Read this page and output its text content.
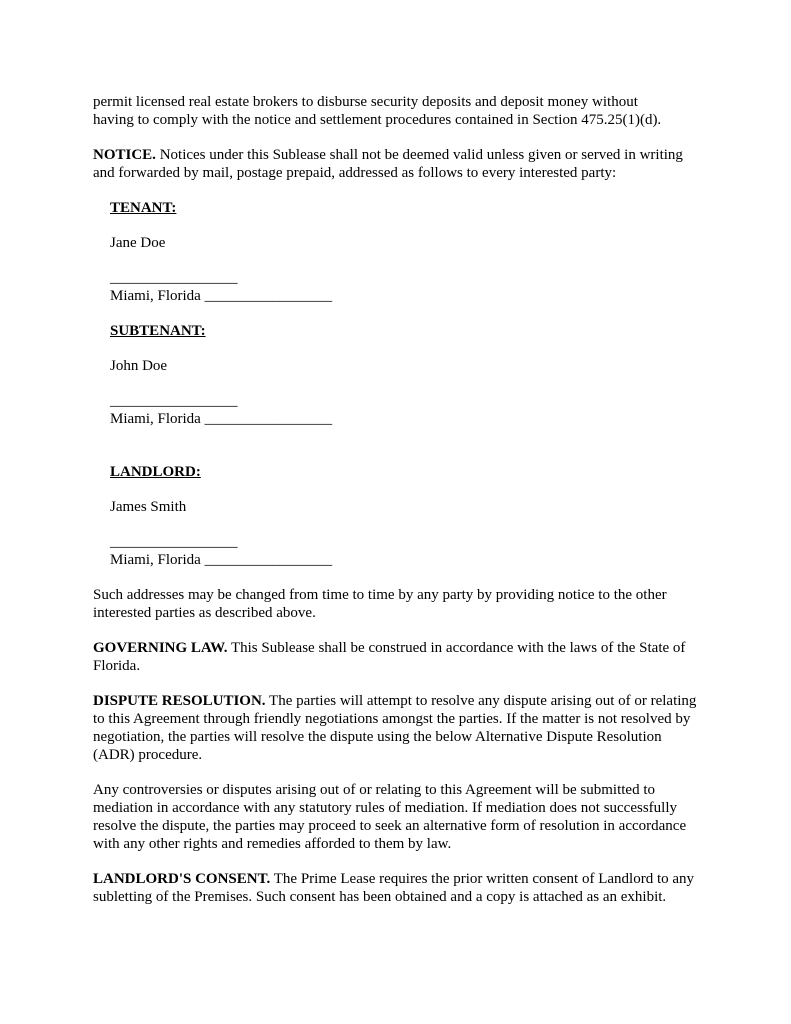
permit licensed real estate brokers to disburse security deposits and deposit money without

having to comply with the notice and settlement procedures contained in Section 475.25(1)(d).

NOTICE. Notices under this Sublease shall not be deemed valid unless given or served in writing and forwarded by mail, postage prepaid, addressed as follows to every interested party:

TENANT:

Jane Doe

_________________

Miami, Florida _________________

SUBTENANT:

John Doe

_________________

Miami, Florida _________________

LANDLORD:

James Smith

_________________

Miami, Florida _________________

Such addresses may be changed from time to time by any party by providing notice to the other interested parties as described above.

GOVERNING LAW. This Sublease shall be construed in accordance with the laws of the State of Florida.

DISPUTE RESOLUTION. The parties will attempt to resolve any dispute arising out of or relating to this Agreement through friendly negotiations amongst the parties. If the matter is not resolved by negotiation, the parties will resolve the dispute using the below Alternative Dispute Resolution (ADR) procedure.

Any controversies or disputes arising out of or relating to this Agreement will be submitted to mediation in accordance with any statutory rules of mediation. If mediation does not successfully resolve the dispute, the parties may proceed to seek an alternative form of resolution in accordance with any other rights and remedies afforded to them by law.

LANDLORD'S CONSENT. The Prime Lease requires the prior written consent of Landlord to any subletting of the Premises. Such consent has been obtained and a copy is attached as an exhibit.
